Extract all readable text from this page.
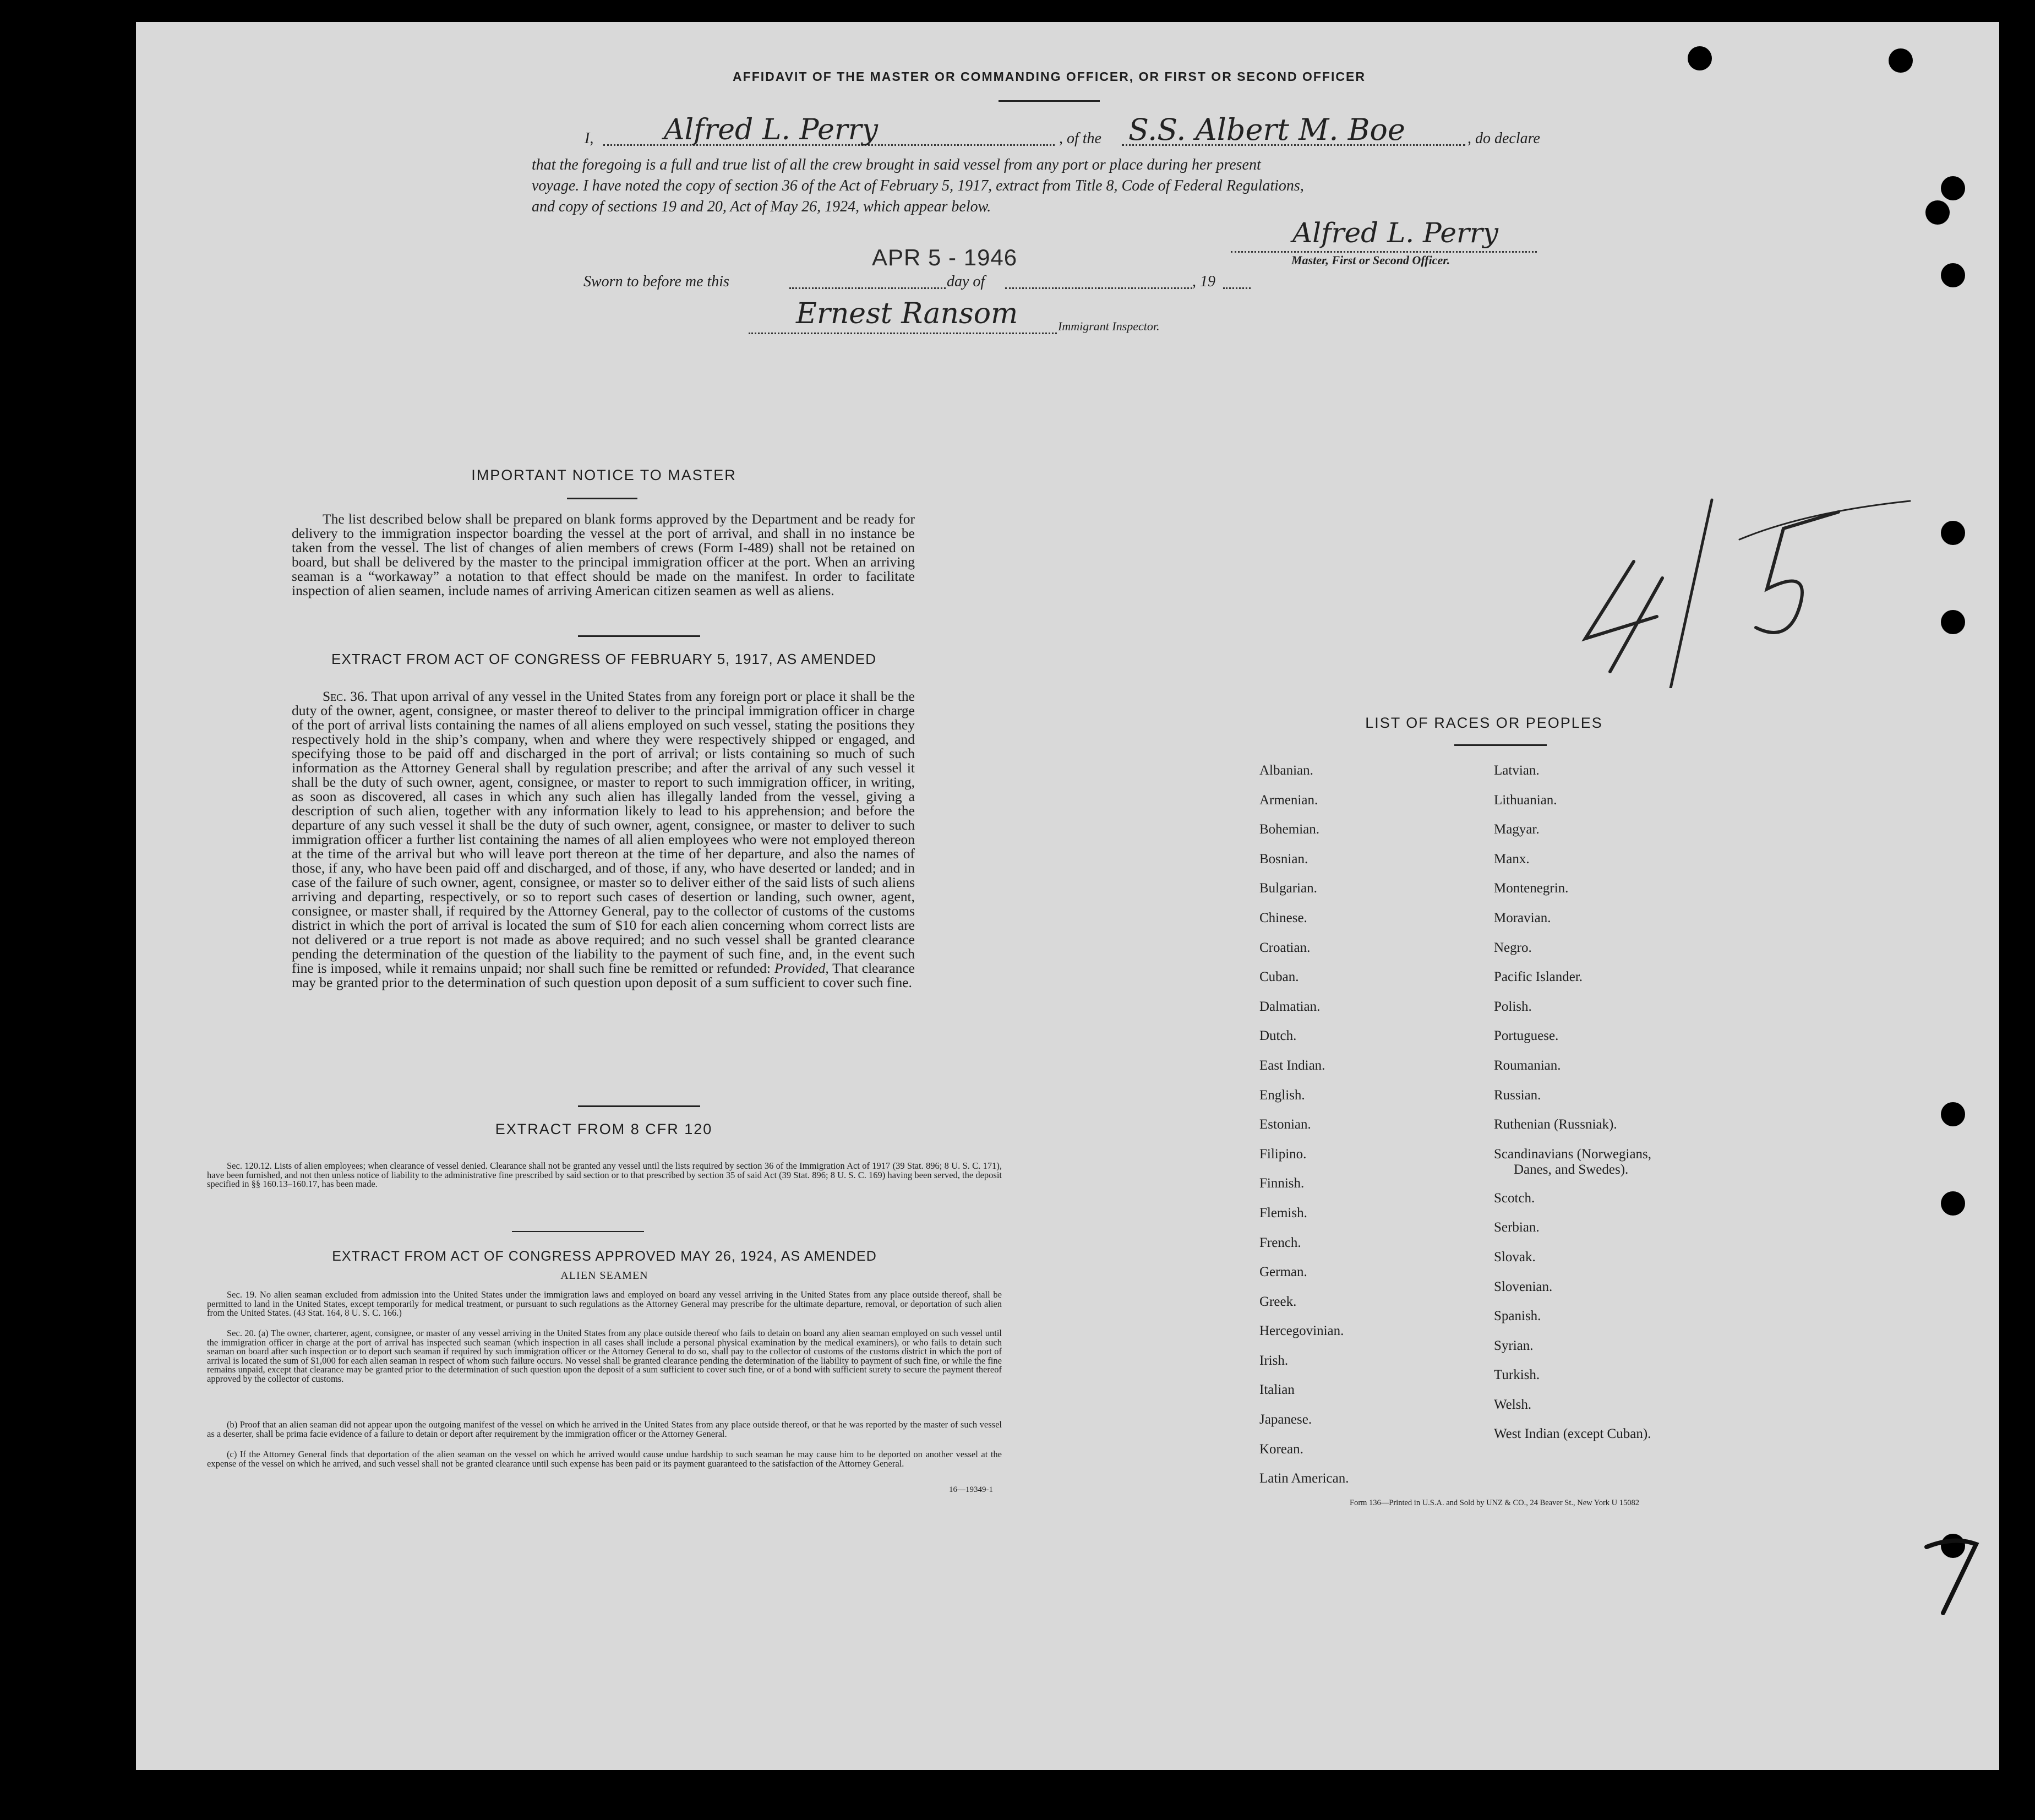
AFFIDAVIT OF THE MASTER OR COMMANDING OFFICER, OR FIRST OR SECOND OFFICER
I, Alfred L. Perry	, of the S.S. Albert M. Boe	, do declare
that the foregoing is a full and true list of all the crew brought in said vessel from any port or place during her present
voyage. I have noted the copy of section 36 of the Act of February 5, 1917, extract from Title 8, Code of Federal Regulations,
and copy of sections 19 and 20, Act of May 26, 1924, which appear below.
APR 5 - 1946
Alfred L. Perry
Master, First or Second Officer.
Sworn to before me this	day of	, 19
Ernest Ransom	Immigrant Inspector.
IMPORTANT NOTICE TO MASTER
The list described below shall be prepared on blank forms approved by the Department and be ready for delivery to the immigration inspector boarding the vessel at the port of arrival, and shall in no instance be taken from the vessel. The list of changes of alien members of crews (Form I-489) shall not be retained on board, but shall be delivered by the master to the principal immigration officer at the port. When an arriving seaman is a “workaway” a notation to that effect should be made on the manifest. In order to facilitate inspection of alien seamen, include names of arriving American citizen seamen as well as aliens.
EXTRACT FROM ACT OF CONGRESS OF FEBRUARY 5, 1917, AS AMENDED
Sec. 36. That upon arrival of any vessel in the United States from any foreign port or place it shall be the duty of the owner, agent, consignee, or master thereof to deliver to the principal immigration officer in charge of the port of arrival lists containing the names of all aliens employed on such vessel, stating the positions they respectively hold in the ship’s company, when and where they were respectively shipped or engaged, and specifying those to be paid off and discharged in the port of arrival; or lists containing so much of such information as the Attorney General shall by regulation prescribe; and after the arrival of any such vessel it shall be the duty of such owner, agent, consignee, or master to report to such immigration officer, in writing, as soon as discovered, all cases in which any such alien has illegally landed from the vessel, giving a description of such alien, together with any information likely to lead to his apprehension; and before the departure of any such vessel it shall be the duty of such owner, agent, consignee, or master to deliver to such immigration officer a further list containing the names of all alien employees who were not employed thereon at the time of the arrival but who will leave port thereon at the time of her departure, and also the names of those, if any, who have been paid off and discharged, and of those, if any, who have deserted or landed; and in case of the failure of such owner, agent, consignee, or master so to deliver either of the said lists of such aliens arriving and departing, respectively, or so to report such cases of desertion or landing, such owner, agent, consignee, or master shall, if required by the Attorney General, pay to the collector of customs of the customs district in which the port of arrival is located the sum of $10 for each alien concerning whom correct lists are not delivered or a true report is not made as above required; and no such vessel shall be granted clearance pending the determination of the question of the liability to the payment of such fine, and, in the event such fine is imposed, while it remains unpaid; nor shall such fine be remitted or refunded: Provided, That clearance may be granted prior to the determination of such question upon deposit of a sum sufficient to cover such fine.
EXTRACT FROM 8 CFR 120
Sec. 120.12. Lists of alien employees; when clearance of vessel denied. Clearance shall not be granted any vessel until the lists required by section 36 of the Immigration Act of 1917 (39 Stat. 896; 8 U. S. C. 171), have been furnished, and not then unless notice of liability to the administrative fine prescribed by said section or to that prescribed by section 35 of said Act (39 Stat. 896; 8 U. S. C. 169) having been served, the deposit specified in §§ 160.13–160.17, has been made.
EXTRACT FROM ACT OF CONGRESS APPROVED MAY 26, 1924, AS AMENDED
ALIEN SEAMEN
Sec. 19. No alien seaman excluded from admission into the United States under the immigration laws and employed on board any vessel arriving in the United States from any place outside thereof, shall be permitted to land in the United States, except temporarily for medical treatment, or pursuant to such regulations as the Attorney General may prescribe for the ultimate departure, removal, or deportation of such alien from the United States. (43 Stat. 164, 8 U. S. C. 166.)
Sec. 20. (a) The owner, charterer, agent, consignee, or master of any vessel arriving in the United States from any place outside thereof who fails to detain on board any alien seaman employed on such vessel until the immigration officer in charge at the port of arrival has inspected such seaman (which inspection in all cases shall include a personal physical examination by the medical examiners), or who fails to detain such seaman on board after such inspection or to deport such seaman if required by such immigration officer or the Attorney General to do so, shall pay to the collector of customs of the customs district in which the port of arrival is located the sum of $1,000 for each alien seaman in respect of whom such failure occurs. No vessel shall be granted clearance pending the determination of the liability to payment of such fine, or while the fine remains unpaid, except that clearance may be granted prior to the determination of such question upon the deposit of a sum sufficient to cover such fine, or of a bond with sufficient surety to secure the payment thereof approved by the collector of customs.
(b) Proof that an alien seaman did not appear upon the outgoing manifest of the vessel on which he arrived in the United States from any place outside thereof, or that he was reported by the master of such vessel as a deserter, shall be prima facie evidence of a failure to detain or deport after requirement by the immigration officer or the Attorney General.
(c) If the Attorney General finds that deportation of the alien seaman on the vessel on which he arrived would cause undue hardship to such seaman he may cause him to be deported on another vessel at the expense of the vessel on which he arrived, and such vessel shall not be granted clearance until such expense has been paid or its payment guaranteed to the satisfaction of the Attorney General.
16—19349-1
4/5
LIST OF RACES OR PEOPLES
Albanian.
Armenian.
Bohemian.
Bosnian.
Bulgarian.
Chinese.
Croatian.
Cuban.
Dalmatian.
Dutch.
East Indian.
English.
Estonian.
Filipino.
Finnish.
Flemish.
French.
German.
Greek.
Hercegovinian.
Irish.
Italian
Japanese.
Korean.
Latin American.
Latvian.
Lithuanian.
Magyar.
Manx.
Montenegrin.
Moravian.
Negro.
Pacific Islander.
Polish.
Portuguese.
Roumanian.
Russian.
Ruthenian (Russniak).
Scandinavians (Norwegians,
Danes, and Swedes).
Scotch.
Serbian.
Slovak.
Slovenian.
Spanish.
Syrian.
Turkish.
Welsh.
West Indian (except Cuban).
Form 136—Printed in U.S.A. and Sold by UNZ & CO., 24 Beaver St., New York U 15082
